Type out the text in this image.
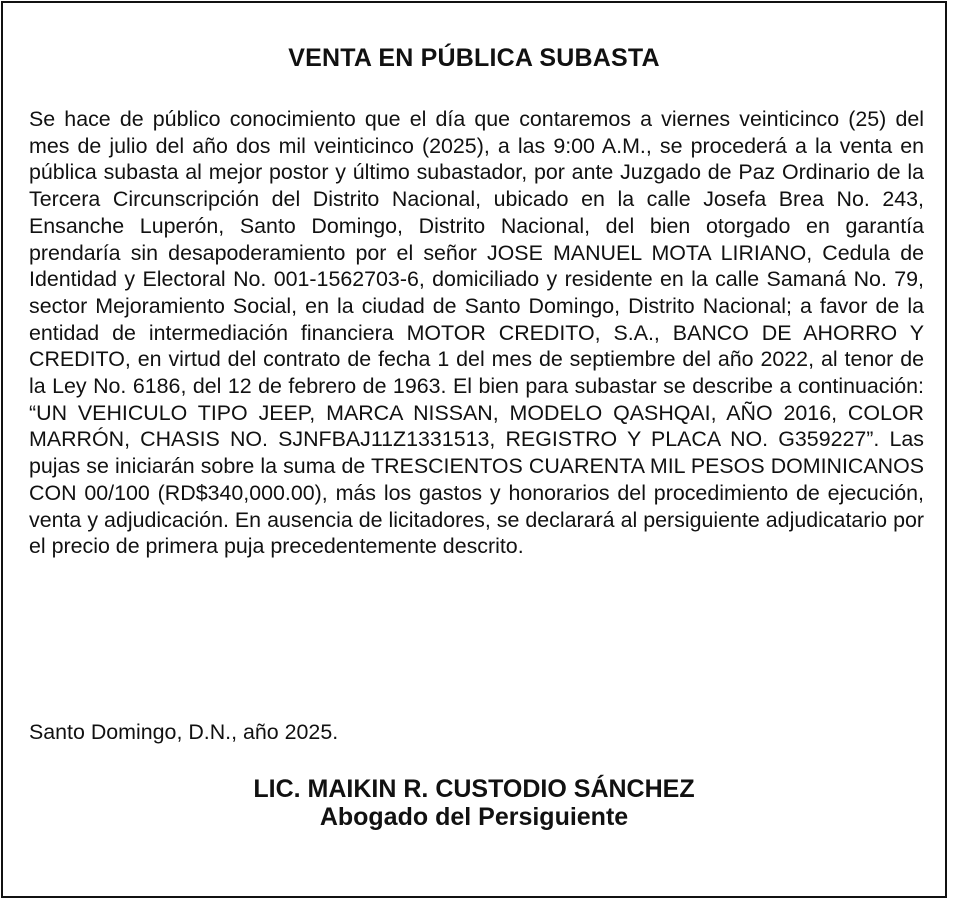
VENTA EN PÚBLICA SUBASTA

Se hace de público conocimiento que el día que contaremos a viernes veinticinco (25) del mes de julio del año dos mil veinticinco (2025), a las 9:00 A.M., se procederá a la venta en pública subasta al mejor postor y último subastador, por ante Juzgado de Paz Ordinario de la Tercera Circunscripción del Distrito Nacional, ubicado en la calle Josefa Brea No. 243, Ensanche Luperón, Santo Domingo, Distrito Nacional, del bien otorgado en garantía prendaría sin desapoderamiento por el señor JOSE MANUEL MOTA LIRIANO, Cedula de Identidad y Electoral No. 001-1562703-6, domiciliado y residente en la calle Samaná No. 79, sector Mejoramiento Social, en la ciudad de Santo Domingo, Distrito Nacional; a favor de la entidad de intermediación financiera MOTOR CREDITO, S.A., BANCO DE AHORRO Y CREDITO, en virtud del contrato de fecha 1 del mes de septiembre del año 2022, al tenor de la Ley No. 6186, del 12 de febrero de 1963. El bien para subastar se describe a continuación: “UN VEHICULO TIPO JEEP, MARCA NISSAN, MODELO QASHQAI, AÑO 2016, COLOR MARRÓN, CHASIS NO. SJNFBAJ11Z1331513, REGISTRO Y PLACA NO. G359227”. Las pujas se iniciarán sobre la suma de TRESCIENTOS CUARENTA MIL PESOS DOMINICANOS CON 00/100 (RD$340,000.00), más los gastos y honorarios del procedimiento de ejecución, venta y adjudicación. En ausencia de licitadores, se declarará al persiguiente adjudicatario por el precio de primera puja precedentemente descrito.

Santo Domingo, D.N., año 2025.

LIC. MAIKIN R. CUSTODIO SÁNCHEZ
Abogado del Persiguiente
